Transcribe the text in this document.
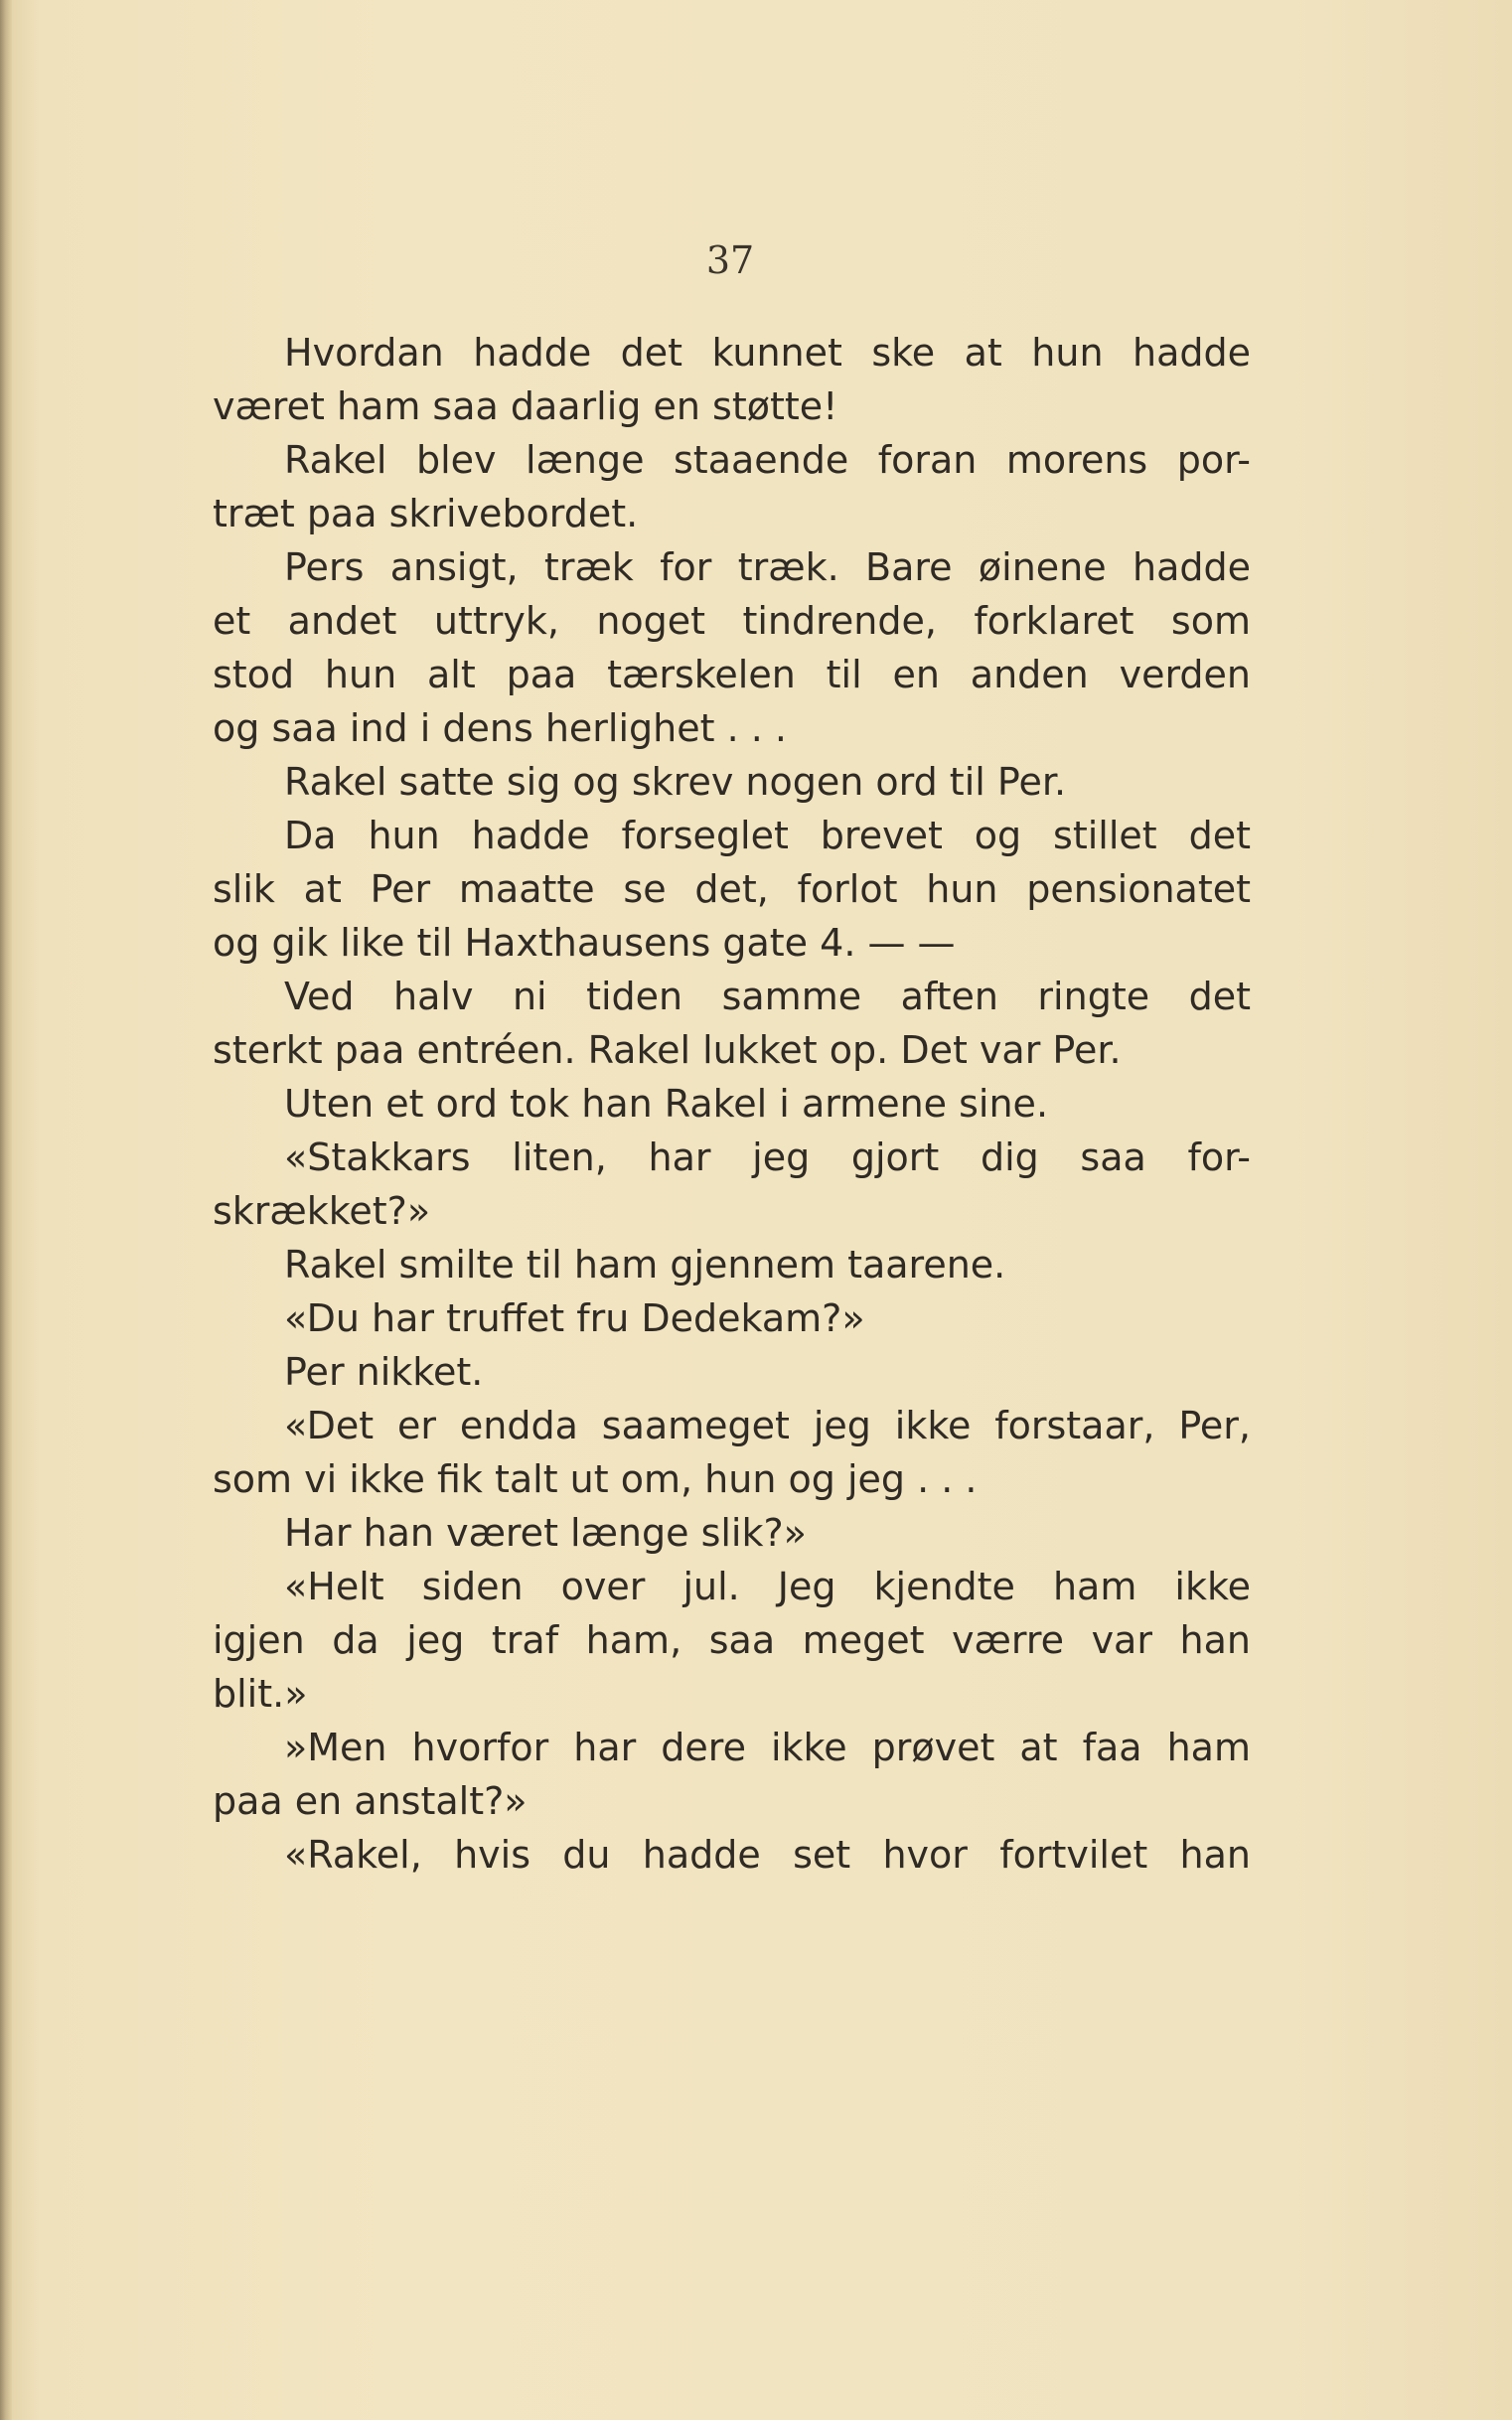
37
Hvordan hadde det kunnet ske at hun hadde
været ham saa daarlig en støtte!
Rakel blev længe staaende foran morens por-
træt paa skrivebordet.
Pers ansigt, træk for træk. Bare øinene hadde
et andet uttryk, noget tindrende, forklaret som
stod hun alt paa tærskelen til en anden verden
og saa ind i dens herlighet . . .
Rakel satte sig og skrev nogen ord til Per.
Da hun hadde forseglet brevet og stillet det
slik at Per maatte se det, forlot hun pensionatet
og gik like til Haxthausens gate 4. — —
Ved halv ni tiden samme aften ringte det
sterkt paa entréen. Rakel lukket op. Det var Per.
Uten et ord tok han Rakel i armene sine.
«Stakkars liten, har jeg gjort dig saa for-
skrækket?»
Rakel smilte til ham gjennem taarene.
«Du har truffet fru Dedekam?»
Per nikket.
«Det er endda saameget jeg ikke forstaar, Per,
som vi ikke fik talt ut om, hun og jeg . . .
Har han været længe slik?»
«Helt siden over jul. Jeg kjendte ham ikke
igjen da jeg traf ham, saa meget værre var han
blit.»
»Men hvorfor har dere ikke prøvet at faa ham
paa en anstalt?»
«Rakel, hvis du hadde set hvor fortvilet han
